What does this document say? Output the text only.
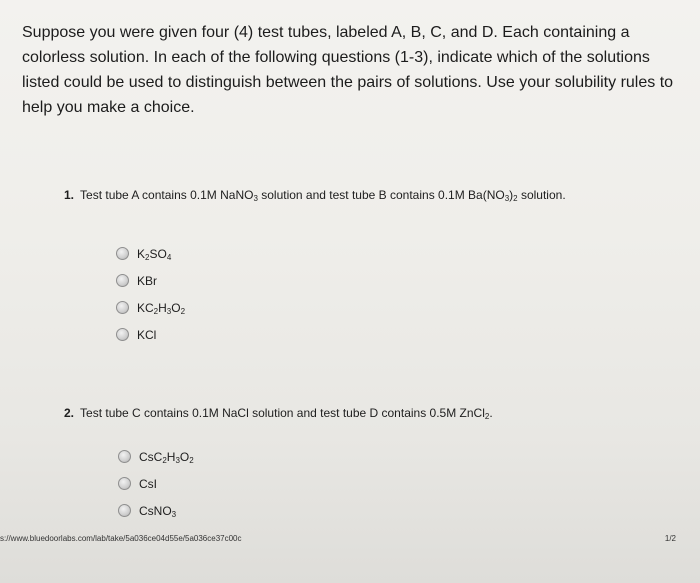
Suppose you were given four (4) test tubes, labeled A, B, C, and D. Each containing a colorless solution. In each of the following questions (1-3), indicate which of the solutions listed could be used to distinguish between the pairs of solutions. Use your solubility rules to help you make a choice.
1. Test tube A contains 0.1M NaNO$_3$ solution and test tube B contains 0.1M $Ba(NO_3)_2$ solution.
$K_2SO_4$
KBr
$KC_2H_3O_2$
KCl
2. Test tube C contains 0.1M NaCl solution and test tube D contains 0.5M ZnCl$_2$.
$CsC_2H_3O_2$
CsI
CsNO$_3$
s://www.bluedoorlabs.com/lab/take/5a036ce04d55e/5a036ce37c00c	1/2
